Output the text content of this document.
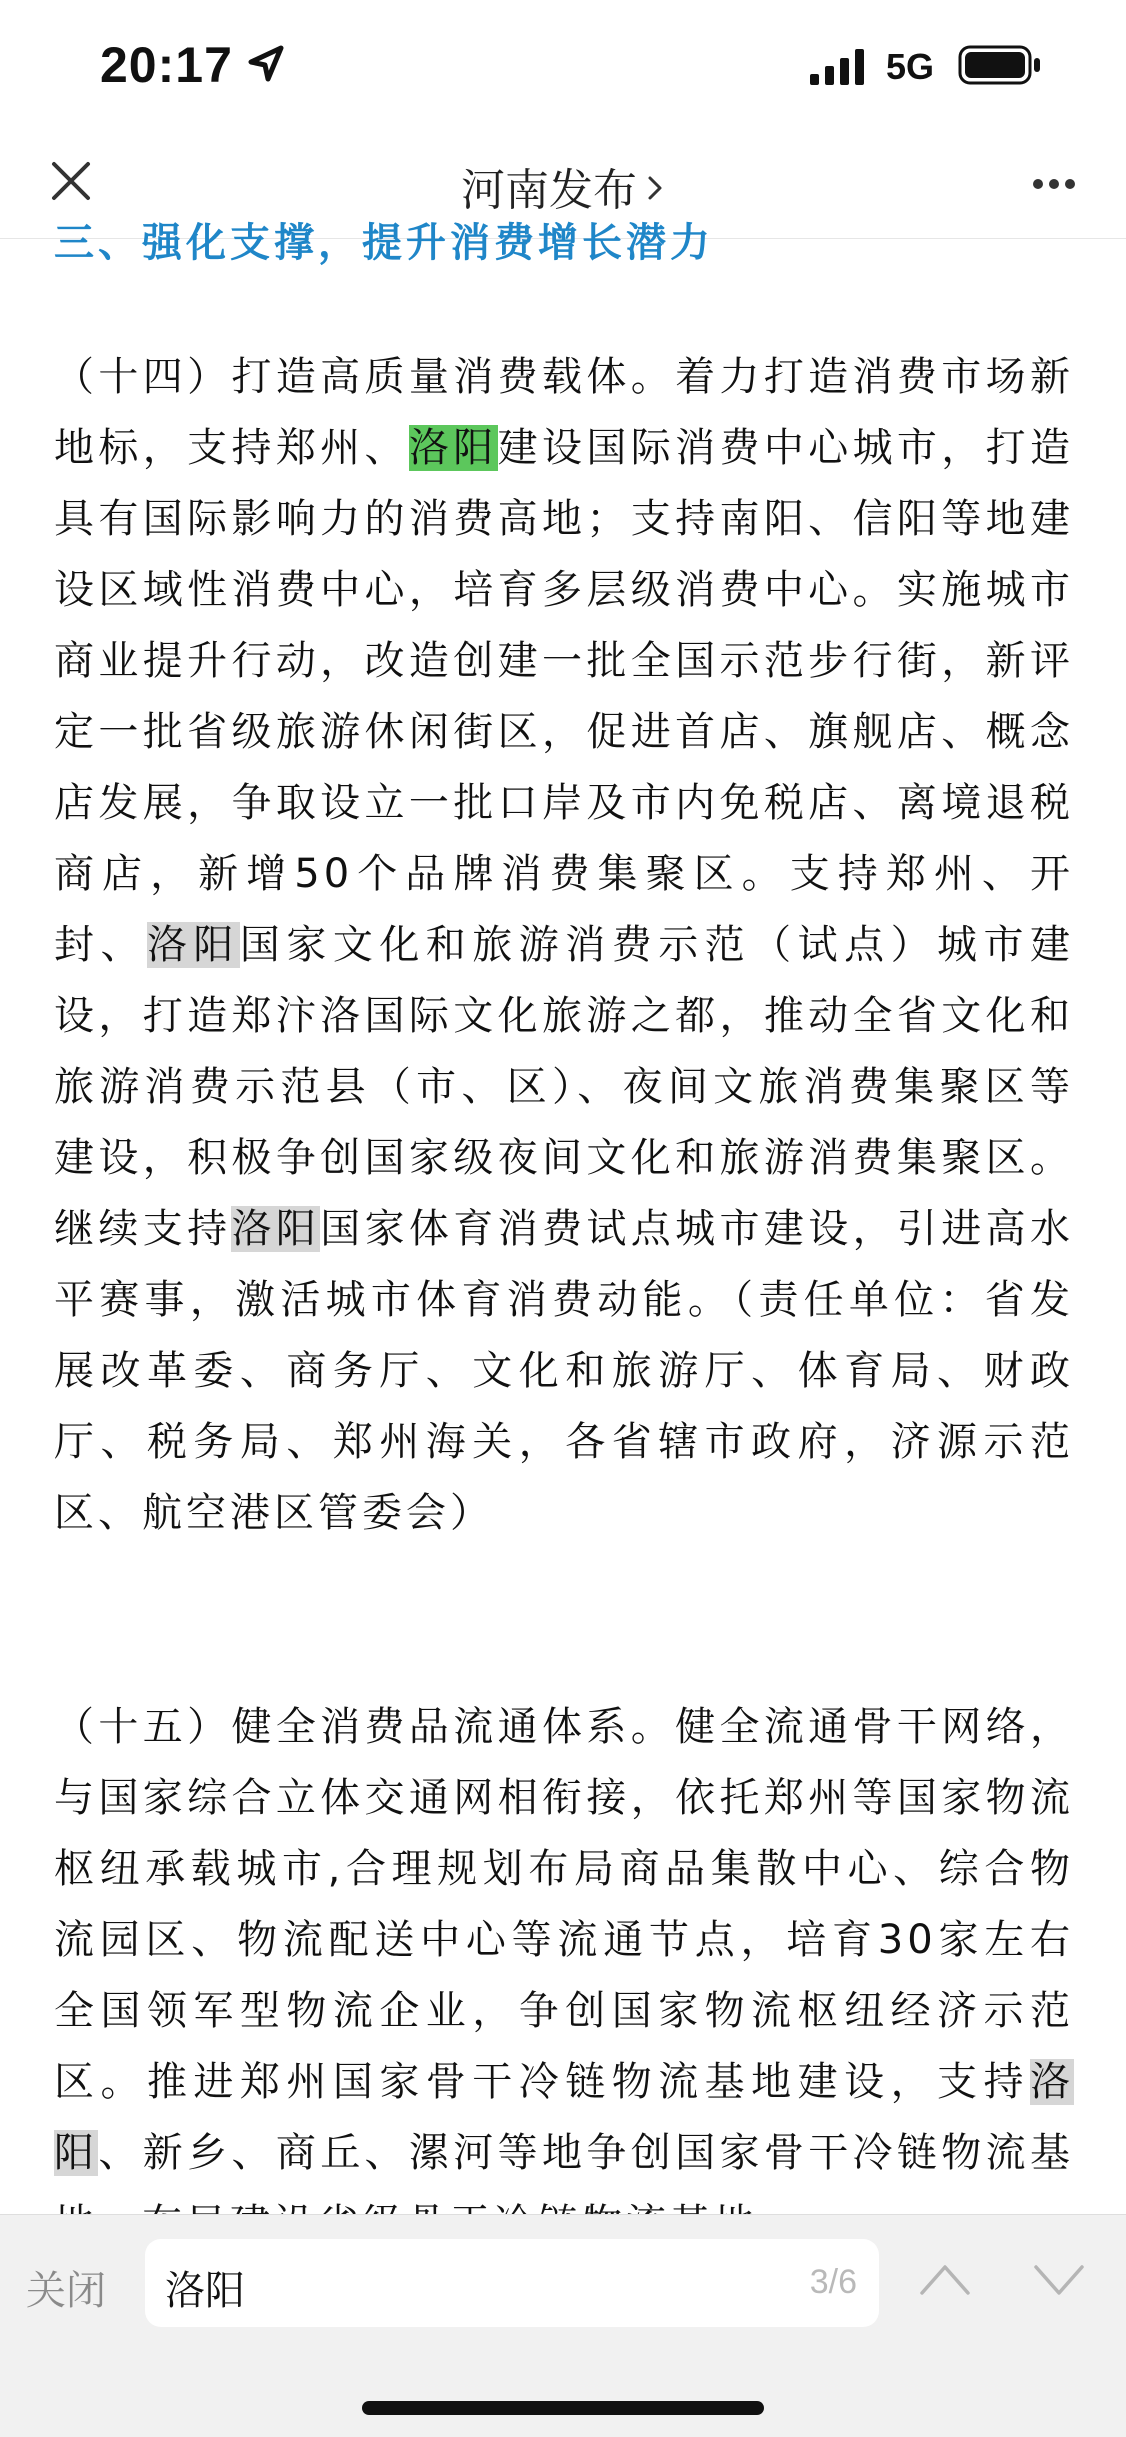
20:17	5G
河南发布
三、强化支撑，提升消费增长潜力

（十四）打造高质量消费载体。着力打造消费市场新地标，支持郑州、洛阳建设国际消费中心城市，打造具有国际影响力的消费高地；支持南阳、信阳等地建设区域性消费中心，培育多层级消费中心。实施城市商业提升行动，改造创建一批全国示范步行街，新评定一批省级旅游休闲街区，促进首店、旗舰店、概念店发展，争取设立一批口岸及市内免税店、离境退税商店，新增50个品牌消费集聚区。支持郑州、开封、洛阳国家文化和旅游消费示范（试点）城市建设，打造郑汴洛国际文化旅游之都，推动全省文化和旅游消费示范县（市、区）、夜间文旅消费集聚区等建设，积极争创国家级夜间文化和旅游消费集聚区。继续支持洛阳国家体育消费试点城市建设，引进高水平赛事，激活城市体育消费动能。（责任单位：省发展改革委、商务厅、文化和旅游厅、体育局、财政厅、税务局、郑州海关，各省辖市政府，济源示范区、航空港区管委会）

（十五）健全消费品流通体系。健全流通骨干网络，与国家综合立体交通网相衔接，依托郑州等国家物流枢纽承载城市,合理规划布局商品集散中心、综合物流园区、物流配送中心等流通节点，培育30家左右全国领军型物流企业，争创国家物流枢纽经济示范区。推进郑州国家骨干冷链物流基地建设，支持洛阳、新乡、商丘、漯河等地争创国家骨干冷链物流基

关闭 洛阳	3/6
